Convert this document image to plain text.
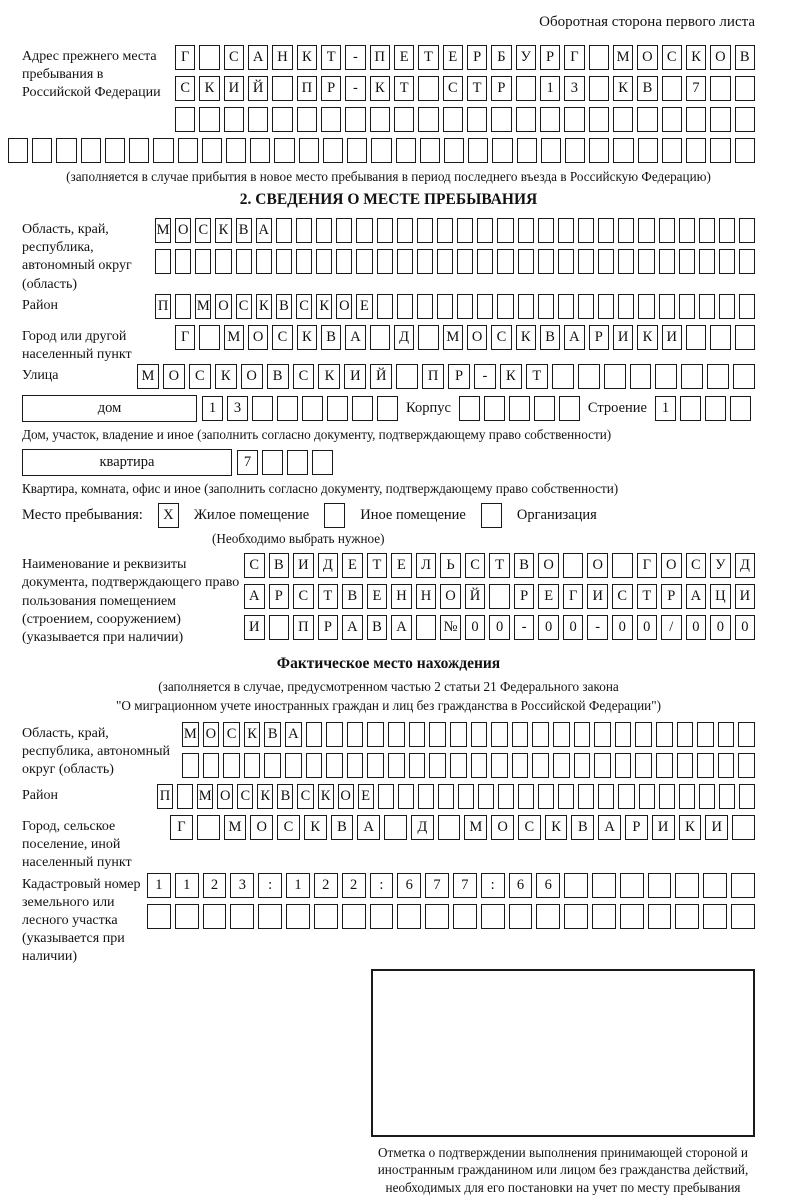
Оборотная сторона первого листа
Адрес прежнего места пребывания в Российской Федерации
Г	С А Н К	Т	-	П	Е	Т	Е	Р	Б	У	Р	Г	М О С	К О В
С	К И Й	П	Р	-	К	Т	С	Т	Р	1	3	К	В	7
(заполняется в случае прибытия в новое место пребывания в период последнего въезда в Российскую Федерацию)
2. СВЕДЕНИЯ О МЕСТЕ ПРЕБЫВАНИЯ
Область, край, республика, автономный округ (область)
М О С К В А
Район	П М О С К В С К О Е
Город или другой населенный пункт
Г	М О С	К	В А	Д	М О С	К	В А	Р	И К И
Улица	М О	С	К	О	В	С	К	И	Й	П	Р	-	К	Т
дом	1	3	Корпус	Строение	1
Дом, участок, владение и иное (заполнить согласно документу, подтверждающему право собственности)
квартира	7
Квартира, комната, офис и иное (заполнить согласно документу, подтверждающему право собственности)
Место пребывания:	X	Жилое помещение	Иное помещение	Организация
(Необходимо выбрать нужное)
Наименование и реквизиты документа, подтверждающего право пользования помещением (строением, сооружением) (указывается при наличии)
С	В И Д	Е	Т	Е	Л	Ь	С	Т	В О	О	Г	О С	У Д
А	Р	С	Т	В	Е	Н Н О Й	Р	Е	Г	И С	Т	Р	А Ц И
И	П	Р	А В А	№ 0	0	-	0	0	-	0	0	/	0	0	0
Фактическое место нахождения
(заполняется в случае, предусмотренном частью 2 статьи 21 Федерального закона
"О миграционном учете иностранных граждан и лиц без гражданства в Российской Федерации")
Область, край, республика, автономный округ (область)
М О С К В А
Район	П М О С К В С К О Е
Город, сельское поселение, иной населенный пункт
Г	М	О	С	К	В	А	Д	М	О	С	К	В	А	Р	И	К	И
Кадастровый номер земельного или лесного участка (указывается при наличии)
1	1	2	3	:	1	2	2	:	6	7	7	:	6	6
Отметка о подтверждении выполнения принимающей стороной и иностранным гражданином или лицом без гражданства действий, необходимых для его постановки на учет по месту пребывания
